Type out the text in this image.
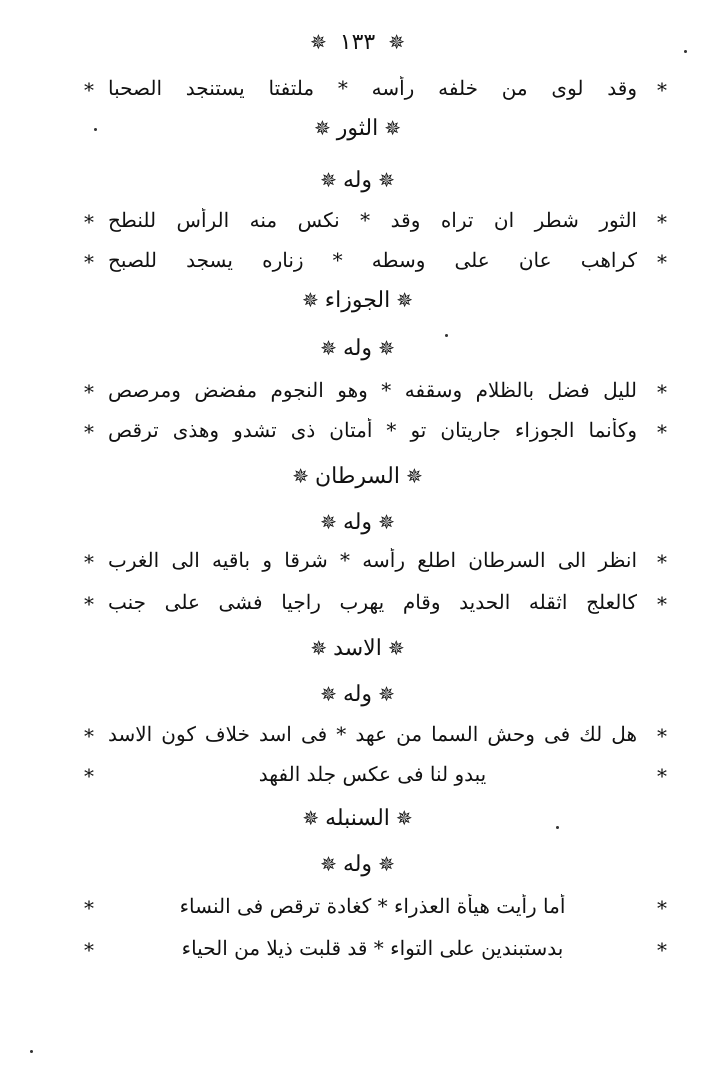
✵ ١٣٣ ✵
*
وقد لوى من خلفه رأسه * ملتفتا يستنجد الصحبا
*
✵الثور✵
✵وله✵
*
الثور شطر ان تراه وقد * نكس منه الرأس للنطح
*
*
كراهب عان على وسطه * زناره يسجد للصبح
*
✵الجوزاء✵
✵وله✵
*
لليل فضل بالظلام وسقفه * وهو النجوم مفضض ومرصص
*
*
وكأنما الجوزاء جاريتان تو * أمتان ذى تشدو وهذى ترقص
*
✵السرطان✵
✵وله✵
*
انظر الى السرطان اطلع رأسه * شرقا و باقيه الى الغرب
*
*
كالعلج اثقله الحديد وقام يهرب راجيا فشى على جنب
*
✵الاسد✵
✵وله✵
*
هل لك فى وحش السما من عهد * فى اسد خلاف كون الاسد
*
*
يبدو لنا فى عكس جلد الفهد
*
✵السنبله✵
✵وله✵
*
أما رأيت هيأة العذراء * كغادة ترقص فى النساء
*
*
بدستبندين على التواء * قد قلبت ذيلا من الحياء
*
